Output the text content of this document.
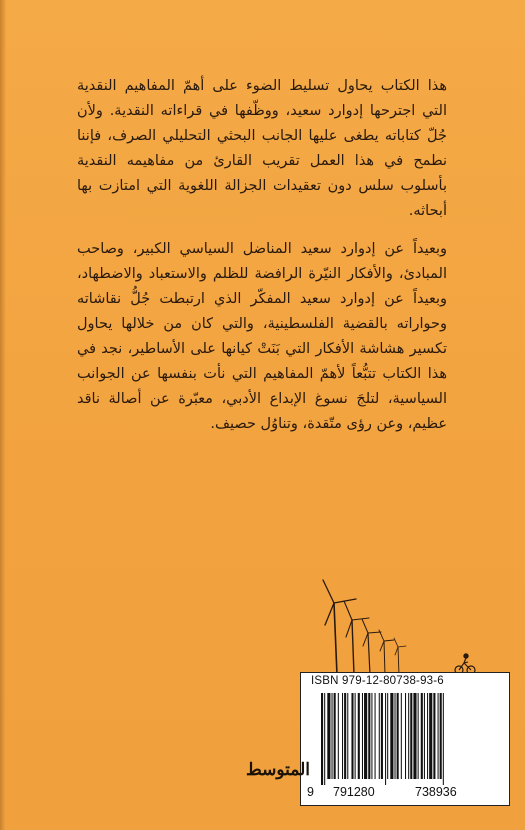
هذا الكتاب يحاول تسليط الضوء على أهمّ المفاهيم النقدية التي اجترحها إدوارد سعيد، ووظّفها في قراءاته النقدية. ولأن جُلّ كتاباته يطغى عليها الجانب البحثي التحليلي الصرف، فإننا نطمح في هذا العمل تقريب القارئ من مفاهيمه النقدية بأسلوب سلس دون تعقيدات الجزالة اللغوية التي امتازت بها أبحاثه.

وبعيداً عن إدوارد سعيد المناضل السياسي الكبير، وصاحب المبادئ، والأفكار النيّرة الرافضة للظلم والاستعباد والاضطهاد، وبعيداً عن إدوارد سعيد المفكّر الذي ارتبطت جُلُّ نقاشاته وحواراته بالقضية الفلسطينية، والتي كان من خلالها يحاول تكسير هشاشة الأفكار التي بَنَتْ كيانها على الأساطير، نجد في هذا الكتاب تتبُّعاً لأهمّ المفاهيم التي نأت بنفسها عن الجوانب السياسية، لتلجَ نسوغ الإبداع الأدبي، معبّرة عن أصالة ناقد عظيم، وعن رؤى متّقدة، وتناوُل حصيف.

ISBN 979-12-80738-93-6
9 791280	738936
المتوسط
